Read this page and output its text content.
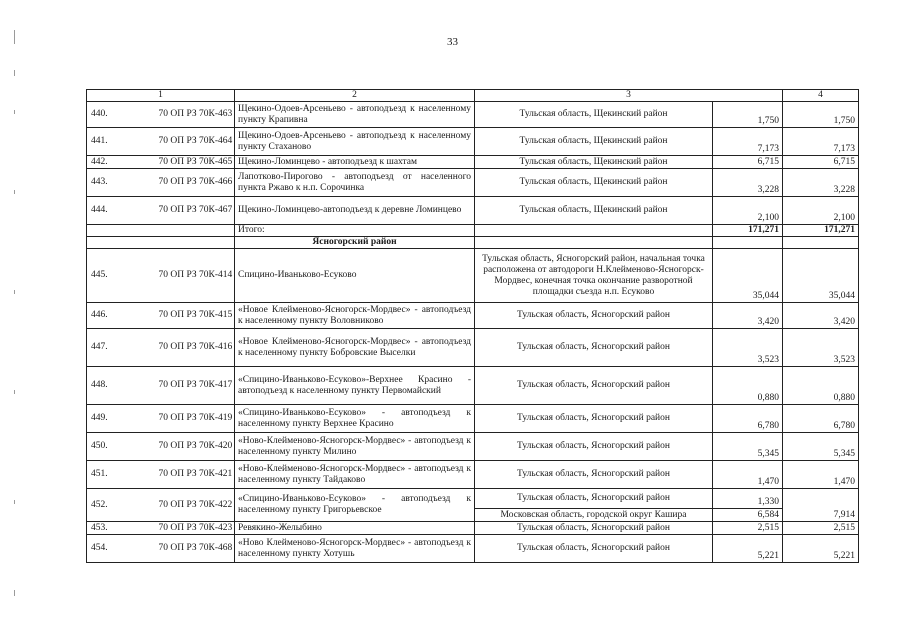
33
1		2	3		4
440.	70 ОП РЗ 70К-463	Щекино-Одоев-Арсеньево - автоподъезд к населенному пункту Крапивна	Тульская область, Щекинский район	1,750	1,750
441.	70 ОП РЗ 70К-464	Щекино-Одоев-Арсеньево - автоподъезд к населенному пункту Стаханово	Тульская область, Щекинский район	7,173	7,173
442.	70 ОП РЗ 70К-465	Щекино-Ломинцево - автоподъезд к шахтам	Тульская область, Щекинский район	6,715	6,715
443.	70 ОП РЗ 70К-466	Лапотково-Пирогово - автоподъезд от населенного пункта Ржаво к н.п. Сорочинка	Тульская область, Щекинский район	3,228	3,228
444.	70 ОП РЗ 70К-467	Щекино-Ломинцево-автоподъезд к деревне Ломинцево	Тульская область, Щекинский район	2,100	2,100
		Итого:		171,271	171,271
		Ясногорский район			
445.	70 ОП РЗ 70К-414	Спицино-Иваньково-Есуково	Тульская область, Ясногорский район, начальная точка расположена от автодороги Н.Клейменово-Ясногорск-Мордвес, конечная точка окончание разворотной площадки съезда н.п. Есуково	35,044	35,044
446.	70 ОП РЗ 70К-415	«Новое Клейменово-Ясногорск-Мордвес» - автоподъезд к населенному пункту Воловниково	Тульская область, Ясногорский район	3,420	3,420
447.	70 ОП РЗ 70К-416	«Новое Клейменово-Ясногорск-Мордвес» - автоподъезд к населенному пункту Бобровские Выселки	Тульская область, Ясногорский район	3,523	3,523
448.	70 ОП РЗ 70К-417	«Спицино-Иваньково-Есуково»-Верхнее Красино - автоподъезд к населенному пункту Первомайский	Тульская область, Ясногорский район	0,880	0,880
449.	70 ОП РЗ 70К-419	«Спицино-Иваньково-Есуково» - автоподъезд к населенному пункту Верхнее Красино	Тульская область, Ясногорский район	6,780	6,780
450.	70 ОП РЗ 70К-420	«Ново-Клейменово-Ясногорск-Мордвес» - автоподъезд к населенному пункту Милино	Тульская область, Ясногорский район	5,345	5,345
451.	70 ОП РЗ 70К-421	«Ново-Клейменово-Ясногорск-Мордвес» - автоподъезд к населенному пункту Тайдаково	Тульская область, Ясногорский район	1,470	1,470
452.	70 ОП РЗ 70К-422	«Спицино-Иваньково-Есуково» - автоподъезд к населенному пункту Григорьевское	Тульская область, Ясногорский район	1,330	7,914
			Московская область, городской округ Кашира	6,584	
453.	70 ОП РЗ 70К-423	Ревякино-Желыбино	Тульская область, Ясногорский район	2,515	2,515
454.	70 ОП РЗ 70К-468	«Ново Клейменово-Ясногорск-Мордвес» - автоподъезд к населенному пункту Хотушь	Тульская область, Ясногорский район	5,221	5,221
